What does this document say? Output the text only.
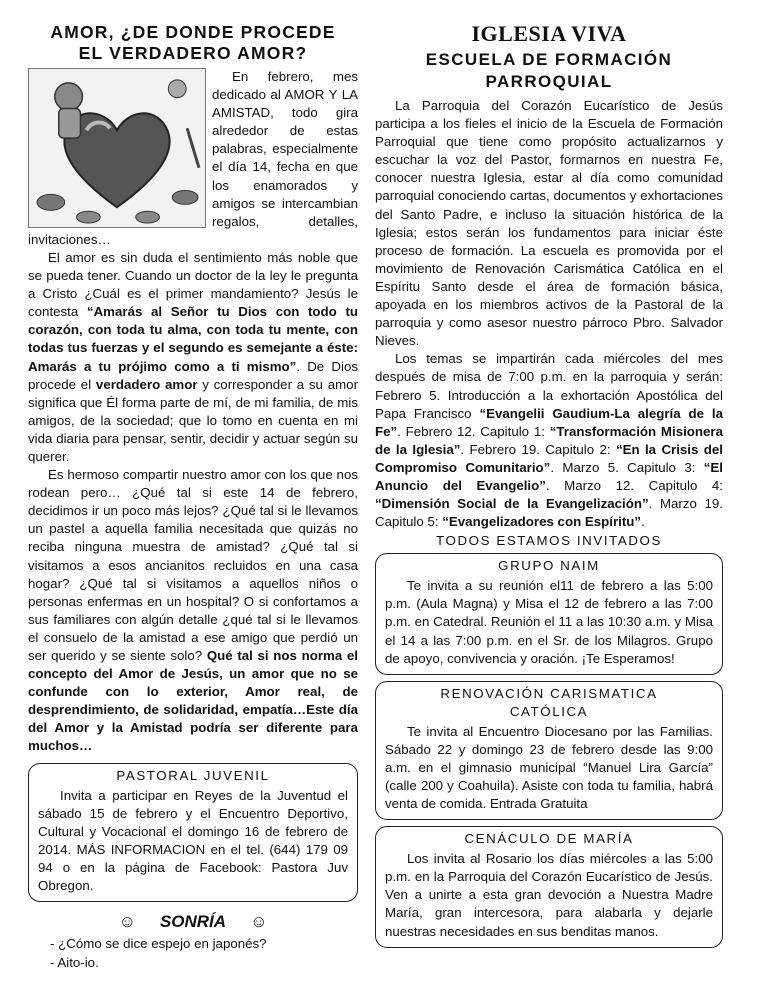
AMOR, ¿DE DONDE PROCEDE
EL VERDADERO AMOR?

En febrero, mes dedicado al AMOR Y LA AMISTAD, todo gira alrededor de estas palabras, especialmente el día 14, fecha en que los enamorados y amigos se intercambian regalos, detalles, invitaciones…

El amor es sin duda el sentimiento más noble que se pueda tener. Cuando un doctor de la ley le pregunta a Cristo ¿Cuál es el primer mandamiento? Jesús le contesta “Amarás al Señor tu Dios con todo tu corazón, con toda tu alma, con toda tu mente, con todas tus fuerzas y el segundo es semejante a éste: Amarás a tu prójimo como a ti mismo”. De Dios procede el verdadero amor y corresponder a su amor significa que Él forma parte de mí, de mi familia, de mis amigos, de la sociedad; que lo tomo en cuenta en mi vida diaria para pensar, sentir, decidir y actuar según su querer.

Es hermoso compartir nuestro amor con los que nos rodean pero… ¿Qué tal si este 14 de febrero, decidimos ir un poco más lejos? ¿Qué tal si le llevamos un pastel a aquella familia necesitada que quizás no reciba ninguna muestra de amistad? ¿Qué tal si visitamos a esos ancianitos recluidos en una casa hogar? ¿Qué tal si visitamos a aquellos niños o personas enfermas en un hospital? O si confortamos a sus familiares con algún detalle ¿qué tal si le llevamos el consuelo de la amistad a ese amigo que perdió un ser querido y se siente solo? Qué tal si nos norma el concepto del Amor de Jesús, un amor que no se confunde con lo exterior, Amor real, de desprendimiento, de solidaridad, empatía…Este día del Amor y la Amistad podría ser diferente para muchos…

PASTORAL JUVENIL

Invita a participar en Reyes de la Juventud el sábado 15 de febrero y el Encuentro Deportivo, Cultural y Vocacional el domingo 16 de febrero de 2014. MÁS INFORMACION en el tel. (644) 179 09 94 o en la página de Facebook: Pastora Juv Obregon.

☺ SONRÍA ☺
- ¿Cómo se dice espejo en japonés?
- Aito-io.
IGLESIA VIVA
ESCUELA DE FORMACIÓN
PARROQUIAL

La Parroquia del Corazón Eucarístico de Jesús participa a los fieles el inicio de la Escuela de Formación Parroquial que tiene como propósito actualizarnos y escuchar la voz del Pastor, formarnos en nuestra Fe, conocer nuestra Iglesia, estar al día como comunidad parroquial conociendo cartas, documentos y exhortaciones del Santo Padre, e incluso la situación histórica de la Iglesia; estos serán los fundamentos para iniciar éste proceso de formación. La escuela es promovida por el movimiento de Renovación Carismática Católica en el Espíritu Santo desde el área de formación básica, apoyada en los miembros activos de la Pastoral de la parroquia y como asesor nuestro párroco Pbro. Salvador Nieves.

Los temas se impartirán cada miércoles del mes después de misa de 7:00 p.m. en la parroquia y serán: Febrero 5. Introducción a la exhortación Apostólica del Papa Francisco “Evangelii Gaudium-La alegría de la Fe”. Febrero 12. Capitulo 1: “Transformación Misionera de la Iglesia”. Febrero 19. Capitulo 2: “En la Crisis del Compromiso Comunitario”. Marzo 5. Capitulo 3: “El Anuncio del Evangelio”. Marzo 12. Capitulo 4: “Dimensión Social de la Evangelización”. Marzo 19. Capitulo 5: “Evangelizadores con Espíritu”.

TODOS ESTAMOS INVITADOS
GRUPO NAIM

Te invita a su reunión el11 de febrero a las 5:00 p.m. (Aula Magna) y Misa el 12 de febrero a las 7:00 p.m. en Catedral. Reunión el 11 a las 10:30 a.m. y Misa el 14 a las 7:00 p.m. en el Sr. de los Milagros. Grupo de apoyo, convivencia y oración. ¡Te Esperamos!

RENOVACIÓN CARISMATICA
CATÓLICA

Te invita al Encuentro Diocesano por las Familias. Sábado 22 y domingo 23 de febrero desde las 9:00 a.m. en el gimnasio municipal “Manuel Lira García” (calle 200 y Coahuila). Asiste con toda tu familia, habrá venta de comida. Entrada Gratuita

CENÁCULO DE MARÍA

Los invita al Rosario los días miércoles a las 5:00 p.m. en la Parroquia del Corazón Eucarístico de Jesús. Ven a unirte a esta gran devoción a Nuestra Madre María, gran intercesora, para alabarla y dejarle nuestras necesidades en sus benditas manos.
